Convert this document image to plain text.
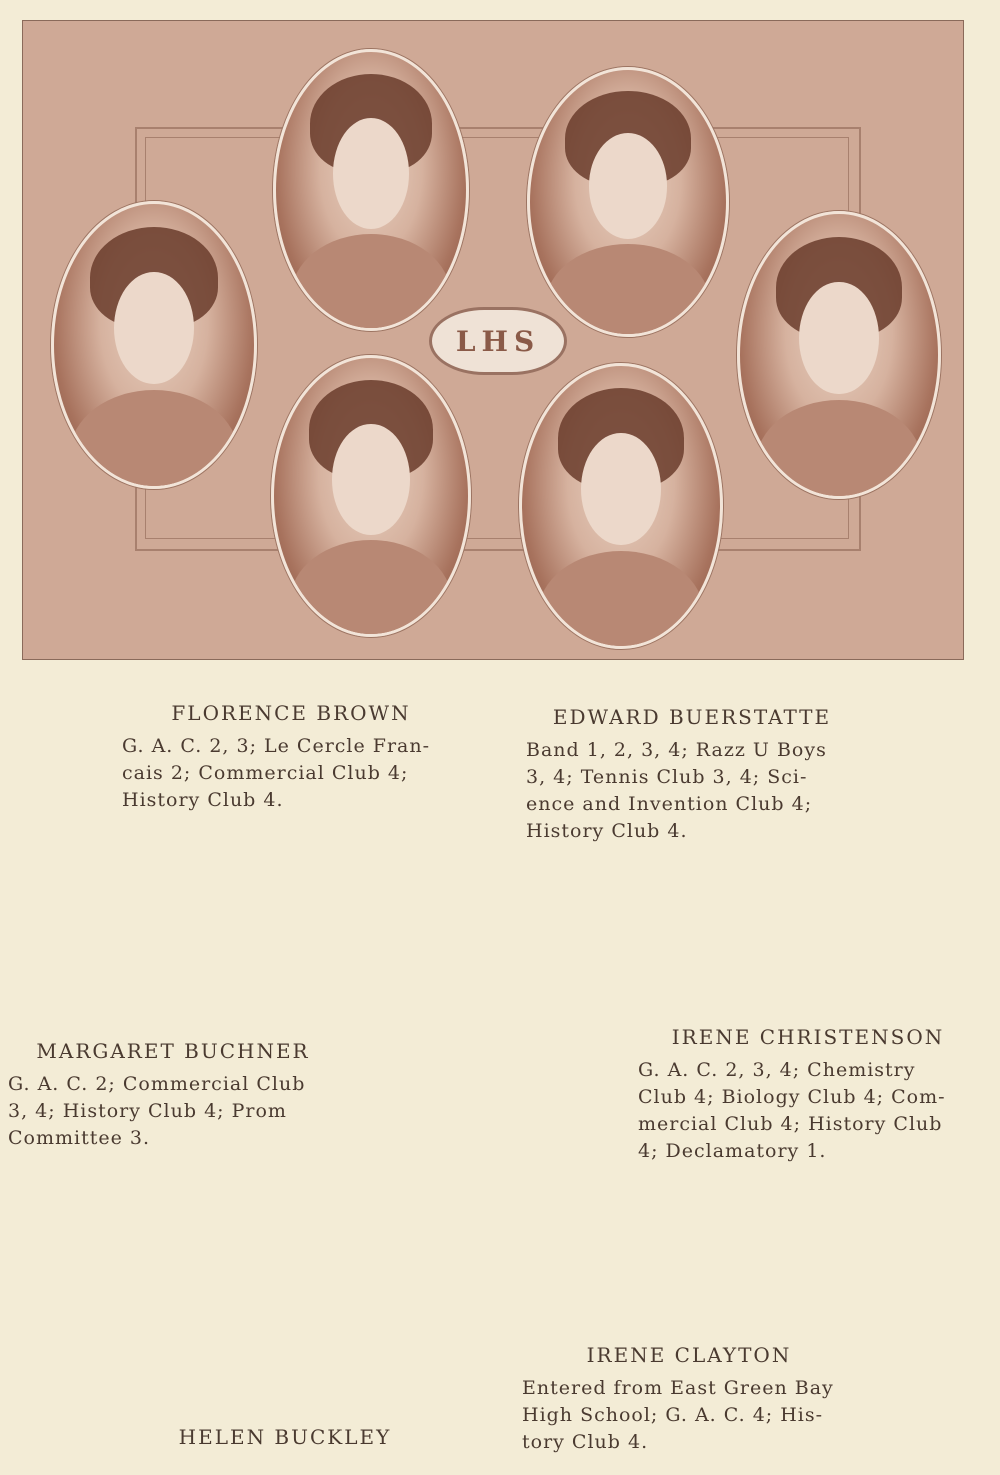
LHS
FLORENCE BROWN
G. A. C. 2, 3; Le Cercle Fran-
cais 2; Commercial Club 4;
History Club 4.
EDWARD BUERSTATTE
Band 1, 2, 3, 4; Razz U Boys
3, 4; Tennis Club 3, 4; Sci-
ence and Invention Club 4;
History Club 4.
MARGARET BUCHNER
G. A. C. 2; Commercial Club
3, 4; History Club 4; Prom
Committee 3.
IRENE CHRISTENSON
G. A. C. 2, 3, 4; Chemistry
Club 4; Biology Club 4; Com-
mercial Club 4; History Club
4; Declamatory 1.
IRENE CLAYTON
Entered from East Green Bay
High School; G. A. C. 4; His-
tory Club 4.
HELEN BUCKLEY
